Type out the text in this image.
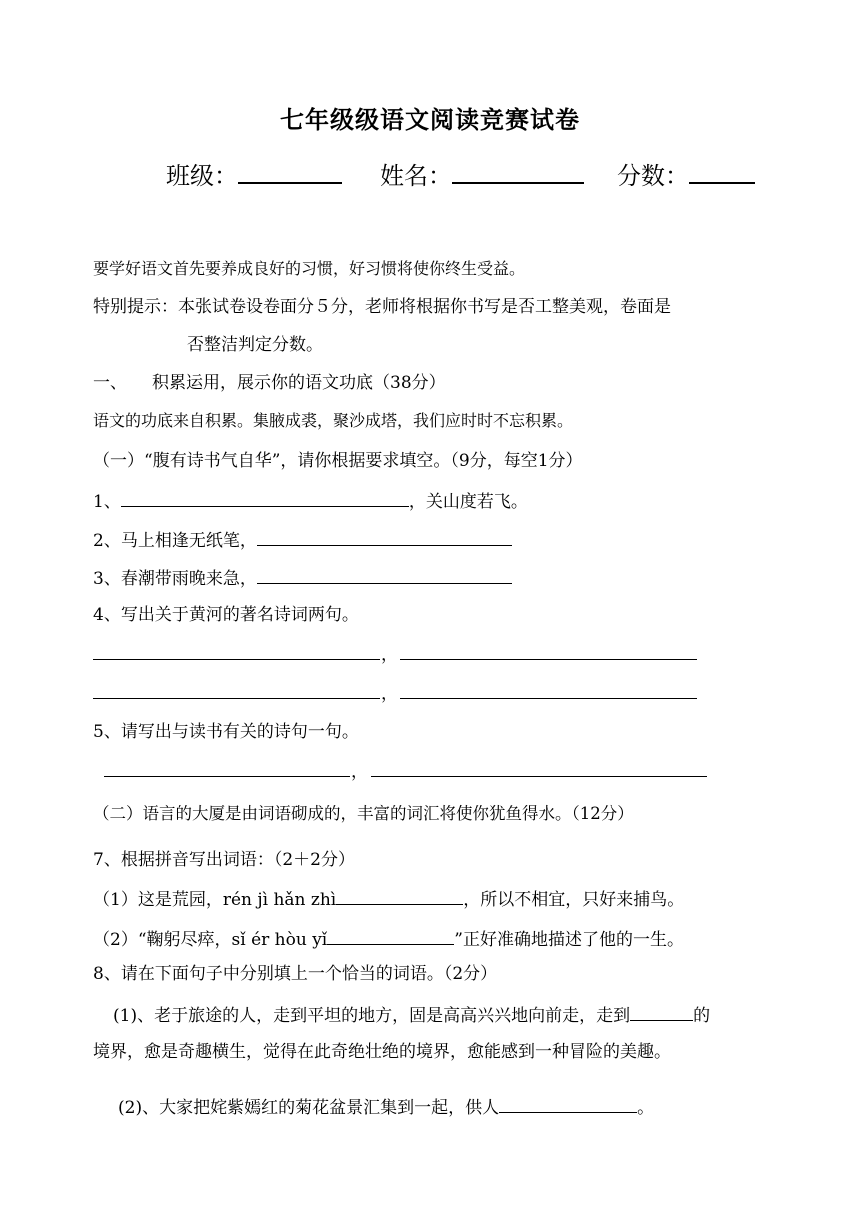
七年级级语文阅读竞赛试卷
班级：	姓名：	分数：
要学好语文首先要养成良好的习惯，好习惯将使你终生受益。
特别提示：本张试卷设卷面分５分，老师将根据你书写是否工整美观，卷面是
否整洁判定分数。
一、 积累运用，展示你的语文功底（38分）
语文的功底来自积累。集腋成裘，聚沙成塔，我们应时时不忘积累。
（一）“腹有诗书气自华”，请你根据要求填空。（9分，每空1分）
1、	，关山度若飞。
2、马上相逢无纸笔，
3、春潮带雨晚来急，
4、写出关于黄河的著名诗词两句。
，
，
5、请写出与读书有关的诗句一句。
，
（二）语言的大厦是由词语砌成的，丰富的词汇将使你犹鱼得水。（12分）
7、根据拼音写出词语：（2＋2分）
（1）这是荒园，rén jì hǎn zhì	，所以不相宜，只好来捕鸟。
（2）“鞠躬尽瘁，sǐ ér hòu yǐ	”正好准确地描述了他的一生。
8、请在下面句子中分别填上一个恰当的词语。（2分）
(1)、老于旅途的人，走到平坦的地方，固是高高兴兴地向前走，走到	的
境界，愈是奇趣横生，觉得在此奇绝壮绝的境界，愈能感到一种冒险的美趣。
(2)、大家把姹紫嫣红的菊花盆景汇集到一起，供人	。
